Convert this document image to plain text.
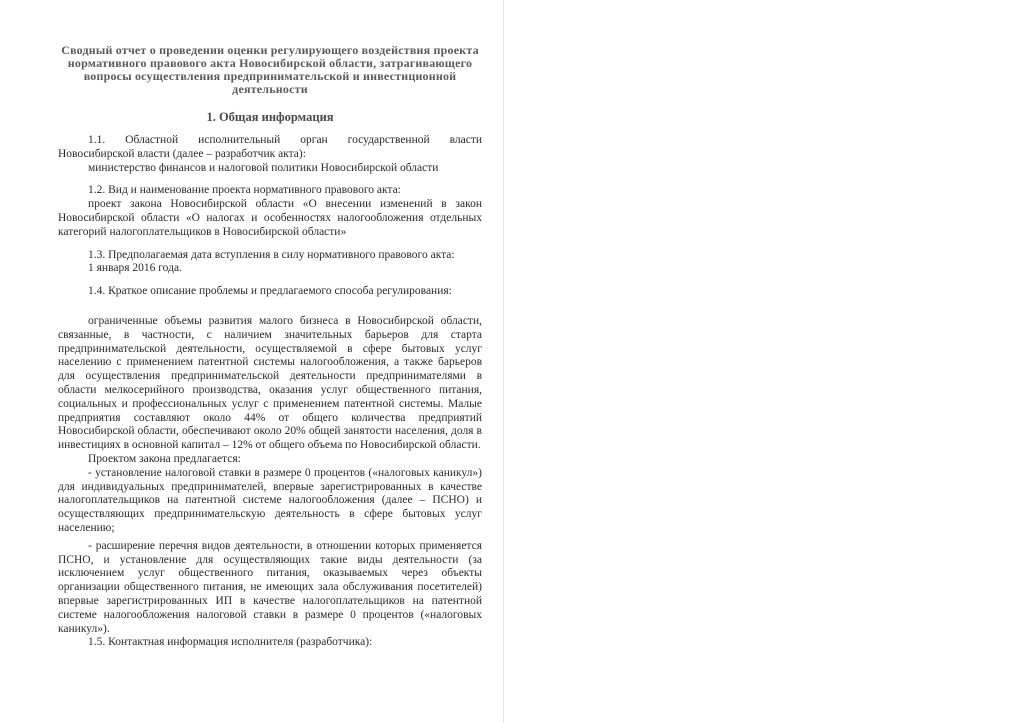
Сводный отчет о проведении оценки регулирующего воздействия проекта
нормативного правового акта Новосибирской области, затрагивающего
вопросы осуществления предпринимательской и инвестиционной
деятельности
1. Общая информация

1.1. Областной исполнительный орган государственной власти

Новосибирской власти (далее – разработчик акта):

министерство финансов и налоговой политики Новосибирской области

1.2. Вид и наименование проекта нормативного правового акта:

проект закона Новосибирской области «О внесении изменений в закон Новосибирской области «О налогах и особенностях налогообложения отдельных категорий налогоплательщиков в Новосибирской области»

1.3. Предполагаемая дата вступления в силу нормативного правового акта:

1 января 2016 года.

1.4. Краткое описание проблемы и предлагаемого способа регулирования:

ограниченные объемы развития малого бизнеса в Новосибирской области, связанные, в частности, с наличием значительных барьеров для старта предпринимательской деятельности, осуществляемой в сфере бытовых услуг населению с применением патентной системы налогообложения, а также барьеров для осуществления предпринимательской деятельности предпринимателями в области мелкосерийного производства, оказания услуг общественного питания, социальных и профессиональных услуг с применением патентной системы. Малые предприятия составляют около 44% от общего количества предприятий Новосибирской области, обеспечивают около 20% общей занятости населения, доля в инвестициях в основной капитал – 12% от общего объема по Новосибирской области.

Проектом закона предлагается:

- установление налоговой ставки в размере 0 процентов («налоговых каникул») для индивидуальных предпринимателей, впервые зарегистрированных в качестве налогоплательщиков на патентной системе налогообложения (далее – ПСНО) и осуществляющих предпринимательскую деятельность в сфере бытовых услуг населению;

- расширение перечня видов деятельности, в отношении которых применяется ПСНО, и установление для осуществляющих такие виды деятельности (за исключением услуг общественного питания, оказываемых через объекты организации общественного питания, не имеющих зала обслуживания посетителей) впервые зарегистрированных ИП в качестве налогоплательщиков на патентной системе налогообложения налоговой ставки в размере 0 процентов («налоговых каникул»).

1.5. Контактная информация исполнителя (разработчика):
